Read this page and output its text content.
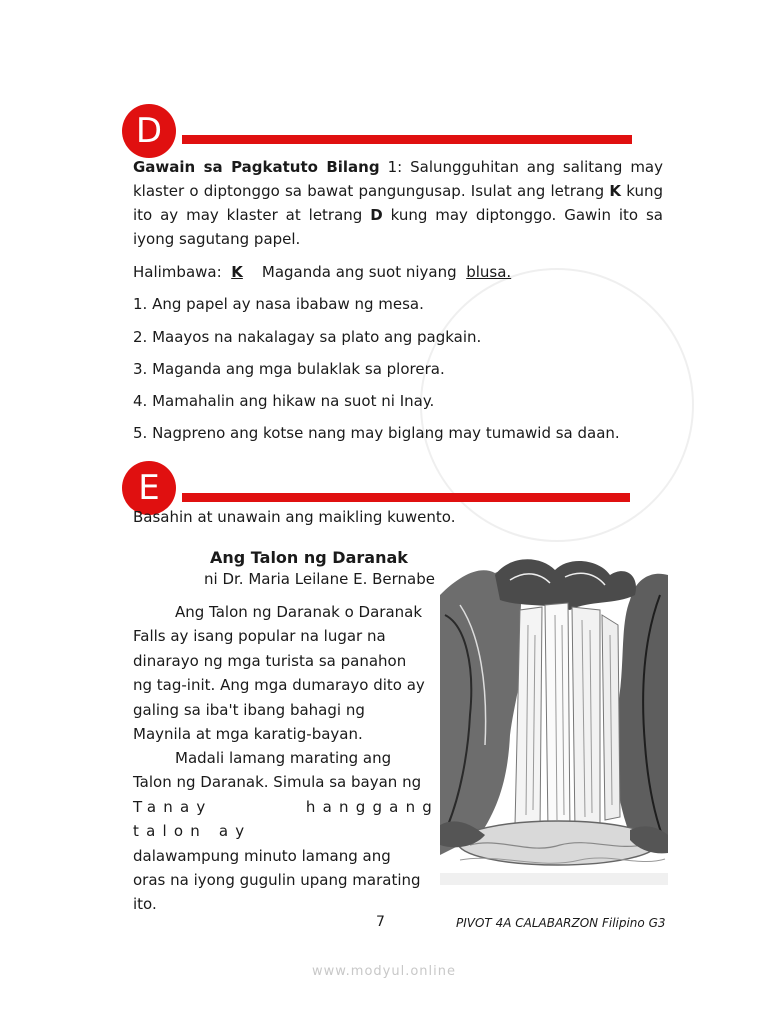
D
Gawain sa Pagkatuto Bilang 1: Salungguhitan ang salitang may klaster o diptonggo sa bawat pangungusap. Isulat ang letrang K kung ito ay may klaster at letrang D kung may diptonggo. Gawin ito sa iyong sagutang papel.
Halimbawa: K Maganda ang suot niyang blusa.
1. Ang papel ay nasa ibabaw ng mesa.
2. Maayos na nakalagay sa plato ang pagkain.
3. Maganda ang mga bulaklak sa plorera.
4. Mamahalin ang hikaw na suot ni Inay.
5. Nagpreno ang kotse nang may biglang may tumawid sa daan.
E
Basahin at unawain ang maikling kuwento.
Ang Talon ng Daranak
ni Dr. Maria Leilane E. Bernabe
Ang Talon ng Daranak o Daranak
Falls ay isang popular na lugar na
dinarayo ng mga turista sa panahon
ng tag-init. Ang mga dumarayo dito ay
galing sa iba't ibang bahagi ng
Maynila at mga karatig-bayan.
Madali lamang marating ang
Talon ng Daranak. Simula sa bayan ng
Tanay hanggang talon ay
dalawampung minuto lamang ang
oras na iyong gugulin upang marating
ito.
7	PIVOT 4A CALABARZON Filipino G3
www.modyul.online
